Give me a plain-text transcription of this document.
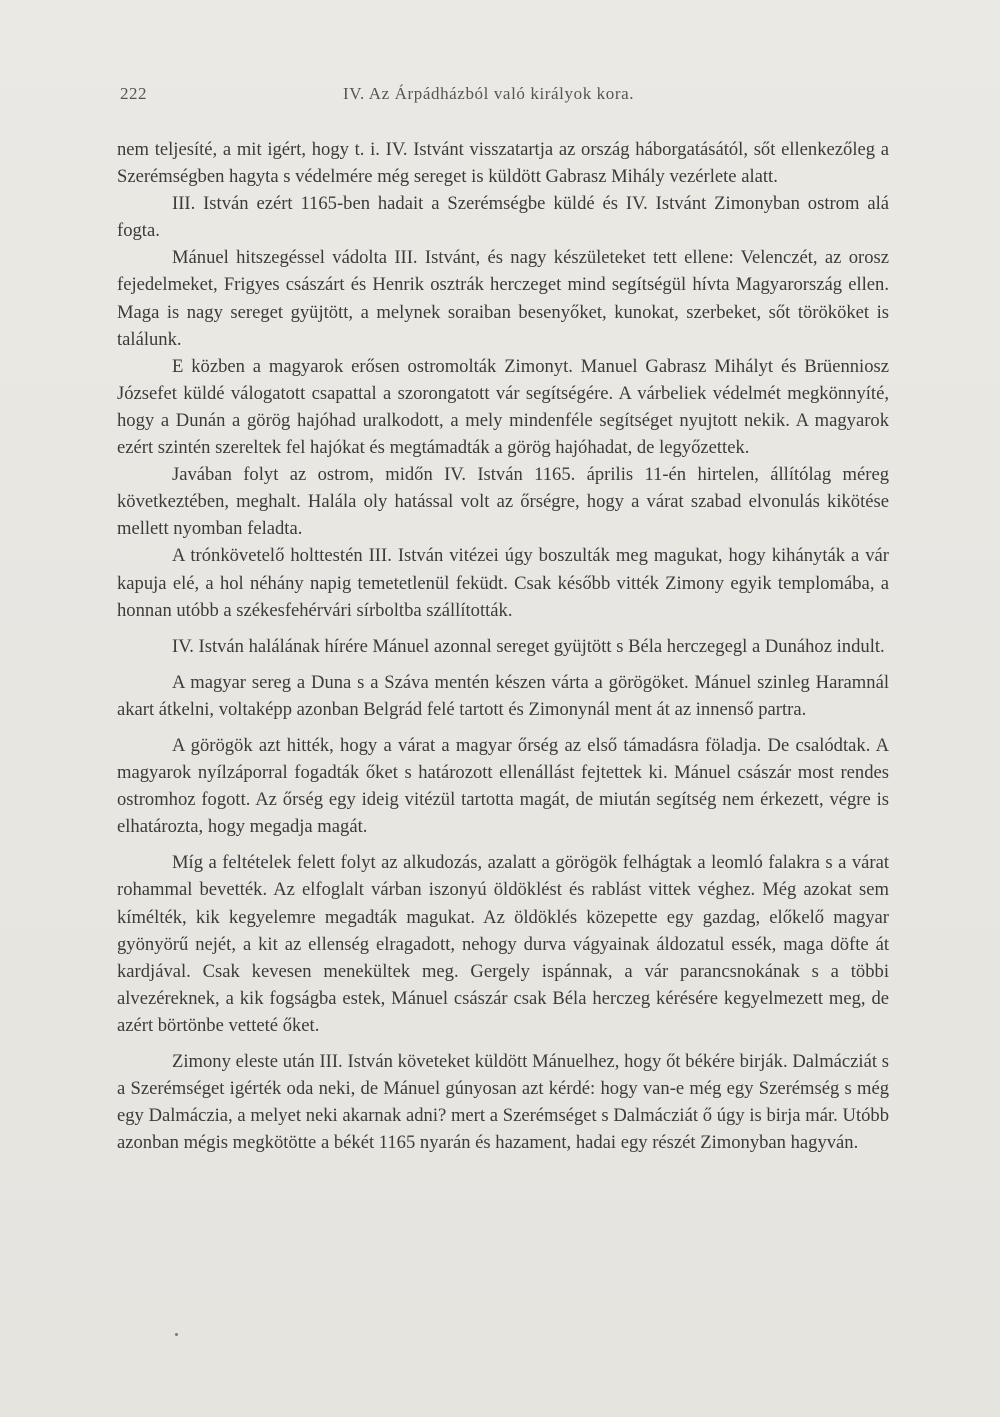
222	IV. Az Árpádházból való királyok kora.

nem teljesíté, a mit igért, hogy t. i. IV. Istvánt visszatartja az ország háborgatásától, sőt ellenkezőleg a Szerémségben hagyta s védelmére még sereget is küldött Gabrasz Mihály vezérlete alatt.

III. István ezért 1165-ben hadait a Szerémségbe küldé és IV. Istvánt Zimonyban ostrom alá fogta.

Mánuel hitszegéssel vádolta III. Istvánt, és nagy készületeket tett ellene: Velenczét, az orosz fejedelmeket, Frigyes császárt és Henrik osztrák herczeget mind segítségül hívta Magyarország ellen. Maga is nagy sereget gyüjtött, a melynek soraiban besenyőket, kunokat, szerbeket, sőt törököket is találunk.

E közben a magyarok erősen ostromolták Zimonyt. Manuel Gabrasz Mihályt és Brüenniosz Józsefet küldé válogatott csapattal a szorongatott vár segítségére. A várbeliek védelmét megkönnyíté, hogy a Dunán a görög hajóhad uralkodott, a mely mindenféle segítséget nyujtott nekik. A magyarok ezért szintén szereltek fel hajókat és megtámadták a görög hajóhadat, de legyőzettek.

Javában folyt az ostrom, midőn IV. István 1165. április 11-én hirtelen, állítólag méreg következtében, meghalt. Halála oly hatással volt az őrségre, hogy a várat szabad elvonulás kikötése mellett nyomban feladta.

A trónkövetelő holttestén III. István vitézei úgy boszulták meg magukat, hogy kihányták a vár kapuja elé, a hol néhány napig temetetlenül feküdt. Csak később vitték Zimony egyik templomába, a honnan utóbb a székesfehérvári sírboltba szállították.

IV. István halálának hírére Mánuel azonnal sereget gyüjtött s Béla herczegegl a Dunához indult.

A magyar sereg a Duna s a Száva mentén készen várta a görögöket. Mánuel szinleg Haramnál akart átkelni, voltaképp azonban Belgrád felé tartott és Zimonynál ment át az innenső partra.

A görögök azt hitték, hogy a várat a magyar őrség az első támadásra föladja. De csalódtak. A magyarok nyílzáporral fogadták őket s határozott ellenállást fejtettek ki. Mánuel császár most rendes ostromhoz fogott. Az őrség egy ideig vitézül tartotta magát, de miután segítség nem érkezett, végre is elhatározta, hogy megadja magát.

Míg a feltételek felett folyt az alkudozás, azalatt a görögök felhágtak a leomló falakra s a várat rohammal bevették. Az elfoglalt várban iszonyú öldöklést és rablást vittek véghez. Még azokat sem kímélték, kik kegyelemre megadták magukat. Az öldöklés közepette egy gazdag, előkelő magyar gyönyörű nejét, a kit az ellenség elragadott, nehogy durva vágyainak áldozatul essék, maga döfte át kardjával. Csak kevesen menekültek meg. Gergely ispánnak, a vár parancsnokának s a többi alvezéreknek, a kik fogságba estek, Mánuel császár csak Béla herczeg kérésére kegyelmezett meg, de azért börtönbe vetteté őket.

Zimony eleste után III. István követeket küldött Mánuelhez, hogy őt békére birják. Dalmácziát s a Szerémséget igérték oda neki, de Mánuel gúnyosan azt kérdé: hogy van-e még egy Szerémség s még egy Dalmáczia, a melyet neki akarnak adni? mert a Szerémséget s Dalmácziát ő úgy is birja már. Utóbb azonban mégis megkötötte a békét 1165 nyarán és hazament, hadai egy részét Zimonyban hagyván.
